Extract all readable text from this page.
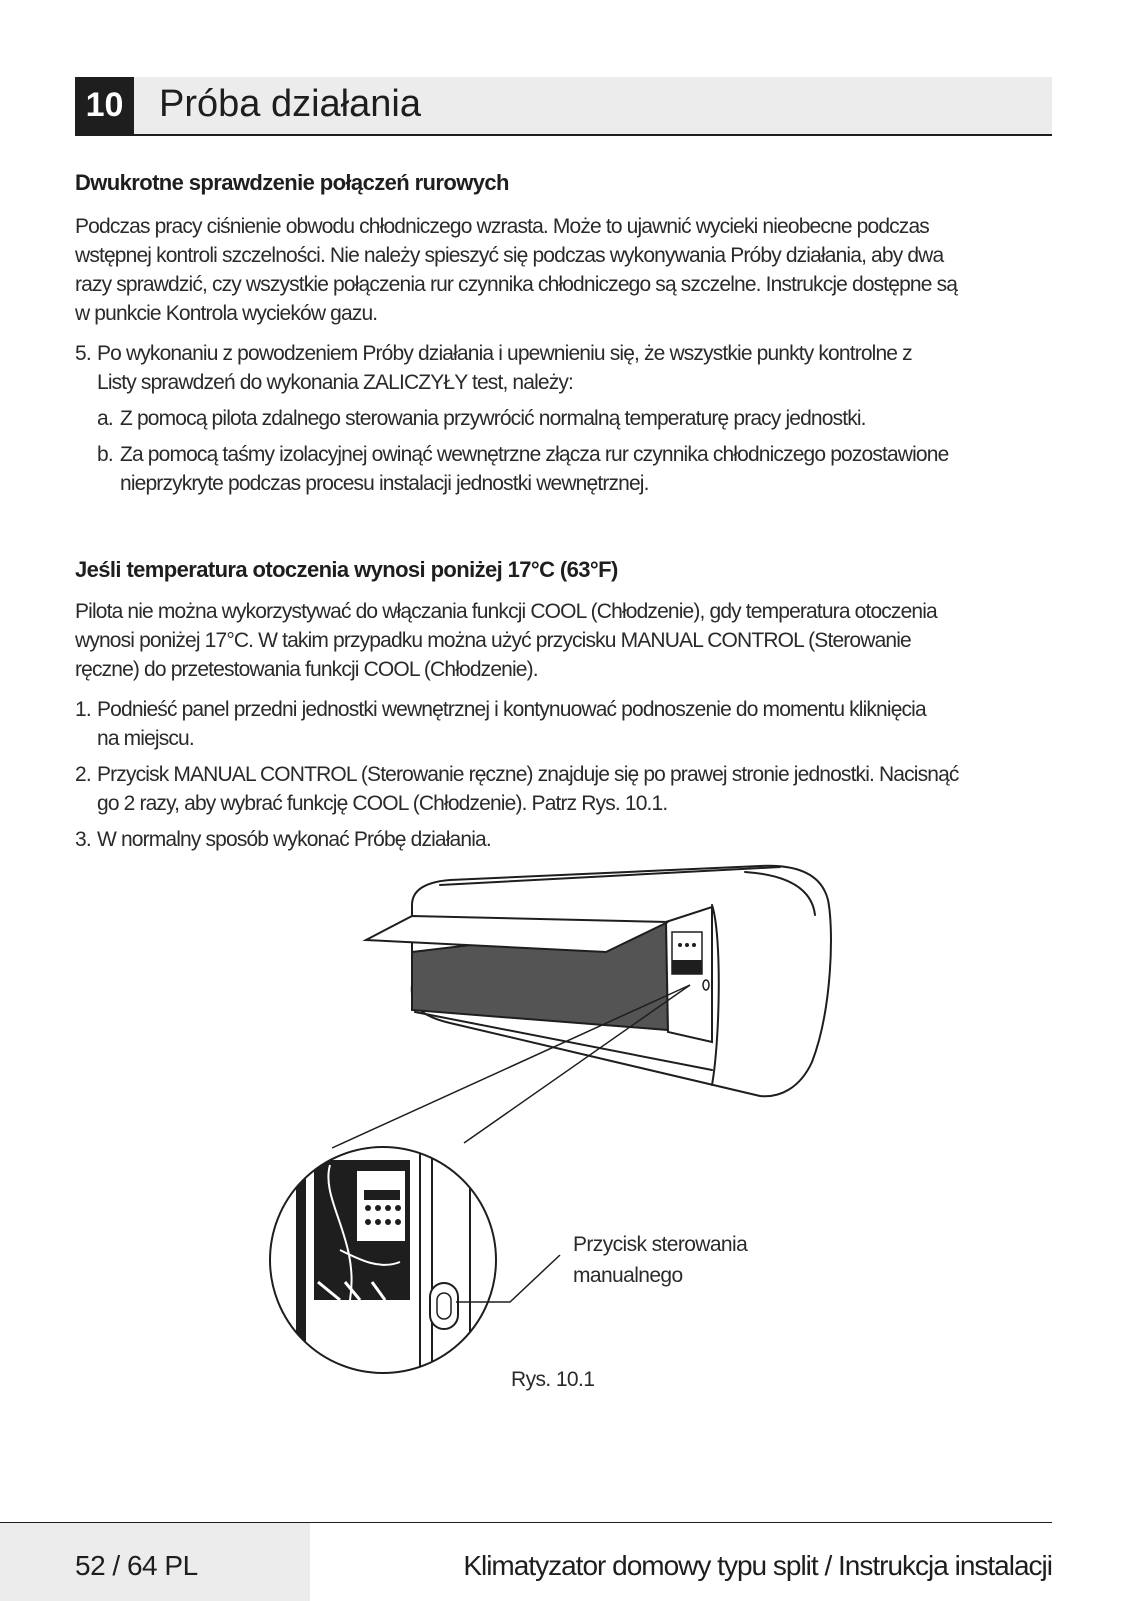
10 Próba działania
Dwukrotne sprawdzenie połączeń rurowych
Podczas pracy ciśnienie obwodu chłodniczego wzrasta. Może to ujawnić wycieki nieobecne podczas
wstępnej kontroli szczelności. Nie należy spieszyć się podczas wykonywania Próby działania, aby dwa
razy sprawdzić, czy wszystkie połączenia rur czynnika chłodniczego są szczelne. Instrukcje dostępne są
w punkcie Kontrola wycieków gazu.
5. Po wykonaniu z powodzeniem Próby działania i upewnieniu się, że wszystkie punkty kontrolne z
Listy sprawdzeń do wykonania ZALICZYŁY test, należy:
a. Z pomocą pilota zdalnego sterowania przywrócić normalną temperaturę pracy jednostki.
b. Za pomocą taśmy izolacyjnej owinąć wewnętrzne złącza rur czynnika chłodniczego pozostawione
nieprzykryte podczas procesu instalacji jednostki wewnętrznej.
Jeśli temperatura otoczenia wynosi poniżej 17°C (63°F)
Pilota nie można wykorzystywać do włączania funkcji COOL (Chłodzenie), gdy temperatura otoczenia
wynosi poniżej 17°C. W takim przypadku można użyć przycisku MANUAL CONTROL (Sterowanie
ręczne) do przetestowania funkcji COOL (Chłodzenie).
1. Podnieść panel przedni jednostki wewnętrznej i kontynuować podnoszenie do momentu kliknięcia
na miejscu.
2. Przycisk MANUAL CONTROL (Sterowanie ręczne) znajduje się po prawej stronie jednostki. Nacisnąć
go 2 razy, aby wybrać funkcję COOL (Chłodzenie). Patrz Rys. 10.1.
3. W normalny sposób wykonać Próbę działania.
Przycisk sterowania
manualnego
Rys. 10.1
52 / 64 PL	Klimatyzator domowy typu split / Instrukcja instalacji
